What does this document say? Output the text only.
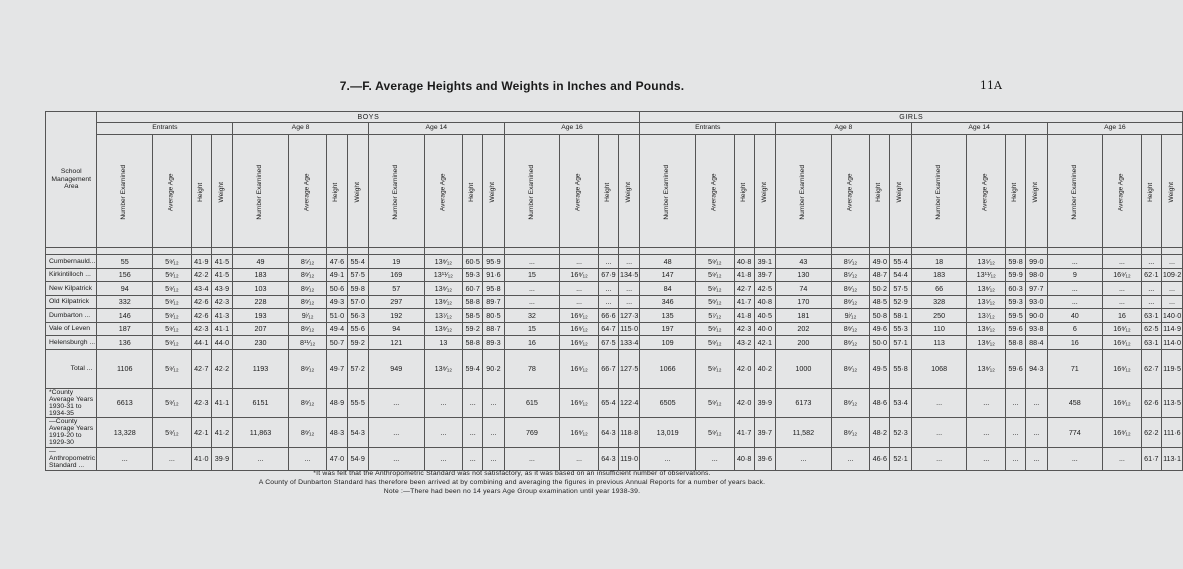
7.—F. Average Heights and Weights in Inches and Pounds.	11A
School Management Area	BOYS																GIRLS															
	Entrants				Age 8				Age 14				Age 16				Entrants				Age 8				Age 14				Age 16			
	Number Examined	Average Age	Height	Weight	Number Examined	Average Age	Height	Weight	Number Examined	Average Age	Height	Weight	Number Examined	Average Age	Height	Weight	Number Examined	Average Age	Height	Weight	Number Examined	Average Age	Height	Weight	Number Examined	Average Age	Height	Weight	Number Examined	Average Age	Height	Weight

Cumbernauld...	55	5⁹⁄₁₂	41·9	41·5	49	8⁵⁄₁₂	47·6	55·4	19	13⁸⁄₁₂	60·5	95·9	...	...	...	...	48	5⁹⁄₁₂	40·8	39·1	43	8⁵⁄₁₂	49·0	55·4	18	13⁵⁄₁₂	59·8	99·0	...	...	...	...
Kirkintilloch ...	156	5⁸⁄₁₂	42·2	41·5	183	8⁸⁄₁₂	49·1	57·5	169	13¹¹⁄₁₂	59·3	91·6	15	16⁸⁄₁₂	67·9	134·5	147	5⁹⁄₁₂	41·8	39·7	130	8⁵⁄₁₂	48·7	54·4	183	13¹¹⁄₁₂	59·9	98·0	9	16⁹⁄₁₂	62·1	109·2
New Kilpatrick	94	5⁹⁄₁₂	43·4	43·9	103	8⁸⁄₁₂	50·6	59·8	57	13⁸⁄₁₂	60·7	95·8	...	...	...	...	84	5⁹⁄₁₂	42·7	42·5	74	8⁸⁄₁₂	50·2	57·5	66	13⁸⁄₁₂	60·3	97·7	...	...	...	...
Old Kilpatrick	332	5⁹⁄₁₂	42·6	42·3	228	8⁸⁄₁₂	49·3	57·0	297	13⁸⁄₁₂	58·8	89·7	...	...	...	...	346	5⁸⁄₁₂	41·7	40·8	170	8⁸⁄₁₂	48·5	52·9	328	13⁵⁄₁₂	59·3	93·0	...	...	...	...
Dumbarton ...	146	5⁹⁄₁₂	42·6	41·3	193	9ⁱ⁄₁₂	51·0	56·3	192	13⁷⁄₁₂	58·5	80·5	32	16⁸⁄₁₂	66·6	127·3	135	5⁷⁄₁₂	41·8	40·5	181	9ⁱ⁄₁₂	50·8	58·1	250	13⁷⁄₁₂	59·5	90·0	40	16	63·1	140·0
Vale of Leven	187	5⁹⁄₁₂	42·3	41·1	207	8⁸⁄₁₂	49·4	55·6	94	13⁸⁄₁₂	59·2	88·7	15	16⁸⁄₁₂	64·7	115·0	197	5⁸⁄₁₂	42·3	40·0	202	8⁸⁄₁₂	49·6	55·3	110	13⁸⁄₁₂	59·6	93·8	6	16⁸⁄₁₂	62·5	114·9
Helensburgh ...	136	5⁹⁄₁₂	44·1	44·0	230	8¹¹⁄₁₂	50·7	59·2	121	13	58·8	89·3	16	16⁸⁄₁₂	67·5	133·4	109	5⁹⁄₁₂	43·2	42·1	200	8⁸⁄₁₂	50·0	57·1	113	13⁸⁄₁₂	58·8	88·4	16	16⁸⁄₁₂	63·1	114·0
Total ...	1106	5⁹⁄₁₂	42·7	42·2	1193	8⁸⁄₁₂	49·7	57·2	949	13⁸⁄₁₂	59·4	90·2	78	16⁸⁄₁₂	66·7	127·5	1066	5⁹⁄₁₂	42·0	40·2	1000	8⁸⁄₁₂	49·5	55·8	1068	13⁸⁄₁₂	59·6	94·3	71	16⁸⁄₁₂	62·7	119·5
*County Average Years 1930-31 to 1934-35	6613	5⁹⁄₁₂	42·3	41·1	6151	8⁸⁄₁₂	48·9	55·5	...	...	...	...	615	16⁸⁄₁₂	65·4	122·4	6505	5⁹⁄₁₂	42·0	39·9	6173	8⁸⁄₁₂	48·6	53·4	...	...	...	...	458	16⁸⁄₁₂	62·6	113·5
—County Average Years 1919-20 to 1929-30	13,328	5⁹⁄₁₂	42·1	41·2	11,863	8⁸⁄₁₂	48·3	54·3	...	...	...	...	769	16⁸⁄₁₂	64·3	118·8	13,019	5⁹⁄₁₂	41·7	39·7	11,582	8⁸⁄₁₂	48·2	52·3	...	...	...	...	774	16⁸⁄₁₂	62·2	111·6
—Anthropometric Standard ...	...	...	41·0	39·9	...	...	47·0	54·9	...	...	...	...	...	...	64·3	119·0	...	...	40·8	39·6	...	...	46·6	52·1	...	...	...	...	...	...	61·7	113·1
*It was felt that the Anthropometric Standard was not satisfactory, as it was based on an insufficient number of observations.
A County of Dunbarton Standard has therefore been arrived at by combining and averaging the figures in previous Annual Reports for a number of years back.
Note :—There had been no 14 years Age Group examination until year 1938-39.
